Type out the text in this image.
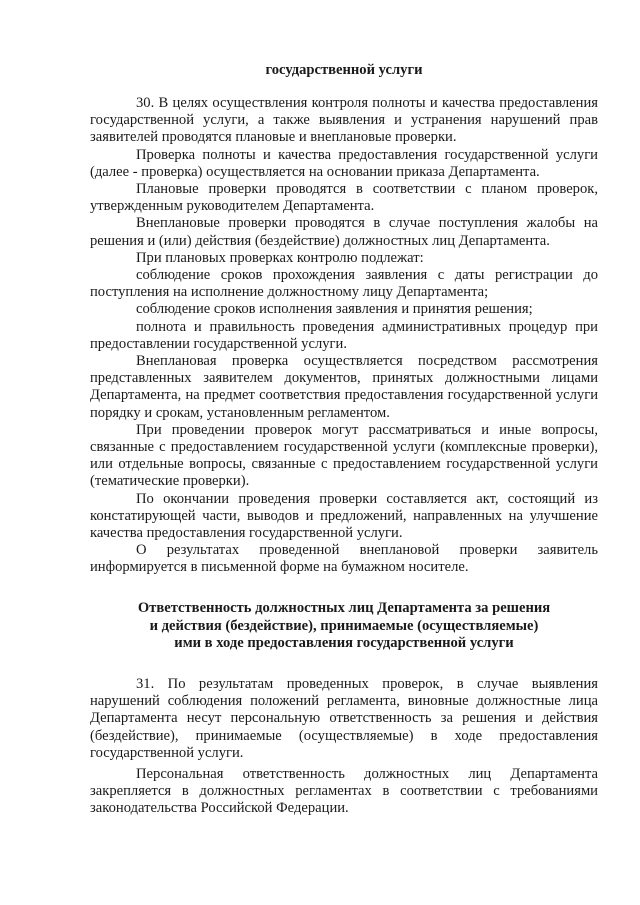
государственной услуги

30. В целях осуществления контроля полноты и качества предоставления государственной услуги, а также выявления и устранения нарушений прав заявителей проводятся плановые и внеплановые проверки.

Проверка полноты и качества предоставления государственной услуги (далее - проверка) осуществляется на основании приказа Департамента.

Плановые проверки проводятся в соответствии с планом проверок, утвержденным руководителем Департамента.

Внеплановые проверки проводятся в случае поступления жалобы на решения и (или) действия (бездействие) должностных лиц Департамента.

При плановых проверках контролю подлежат:

соблюдение сроков прохождения заявления с даты регистрации до поступления на исполнение должностному лицу Департамента;

соблюдение сроков исполнения заявления и принятия решения;

полнота и правильность проведения административных процедур при предоставлении государственной услуги.

Внеплановая проверка осуществляется посредством рассмотрения представленных заявителем документов, принятых должностными лицами Департамента, на предмет соответствия предоставления государственной услуги порядку и срокам, установленным регламентом.

При проведении проверок могут рассматриваться и иные вопросы, связанные с предоставлением государственной услуги (комплексные проверки), или отдельные вопросы, связанные с предоставлением государственной услуги (тематические проверки).

По окончании проведения проверки составляется акт, состоящий из констатирующей части, выводов и предложений, направленных на улучшение качества предоставления государственной услуги.

О результатах проведенной внеплановой проверки заявитель информируется в письменной форме на бумажном носителе.

Ответственность должностных лиц Департамента за решения
и действия (бездействие), принимаемые (осуществляемые)
ими в ходе предоставления государственной услуги

31. По результатам проведенных проверок, в случае выявления нарушений соблюдения положений регламента, виновные должностные лица Департамента несут персональную ответственность за решения и действия (бездействие), принимаемые (осуществляемые) в ходе предоставления государственной услуги.

Персональная ответственность должностных лиц Департамента закрепляется в должностных регламентах в соответствии с требованиями законодательства Российской Федерации.
